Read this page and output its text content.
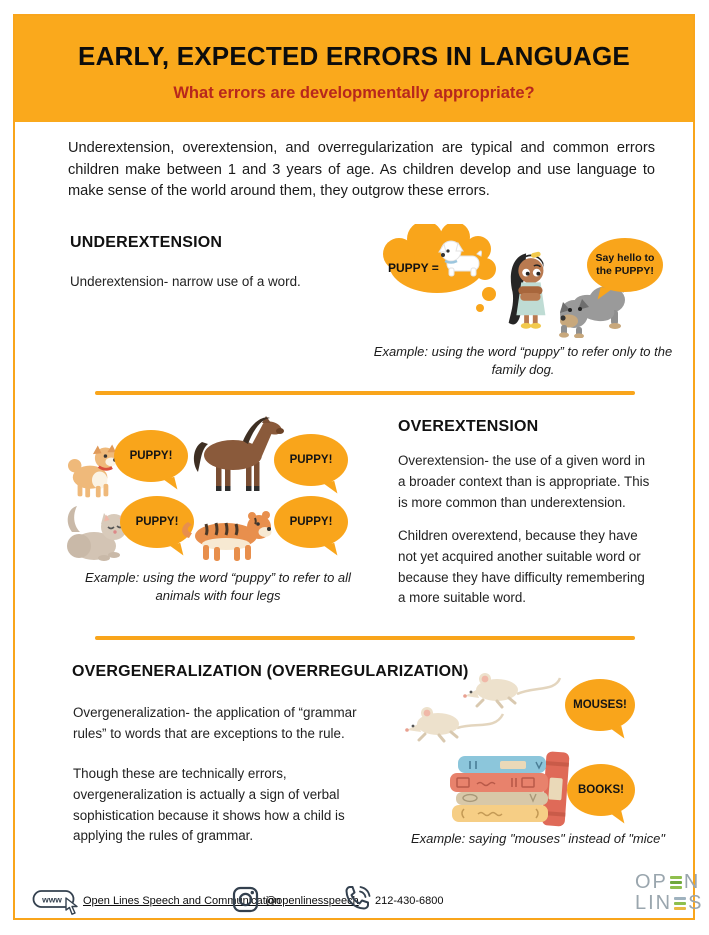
EARLY, EXPECTED ERRORS IN LANGUAGE
What errors are developmentally appropriate?

Underextension, overextension, and overregularization are typical and common errors children make between 1 and 3 years of age. As children develop and use language to make sense of the world around them, they outgrow these errors.

UNDEREXTENSION
Underextension- narrow use of a word.
PUPPY =
Say hello to
the PUPPY!
Example: using the word “puppy” to refer only to the family dog.
PUPPY!	PUPPY!
PUPPY!	PUPPY!
Example: using the word “puppy” to refer to all animals with four legs
OVEREXTENSION
Overextension- the use of a given word in a broader context than is appropriate. This is more common than underextension.
Children overextend, because they have not yet acquired another suitable word or because they have difficulty remembering a more suitable word.
OVERGENERALIZATION (OVERREGULARIZATION)
Overgeneralization- the application of “grammar rules” to words that are exceptions to the rule.
Though these are technically errors, overgeneralization is actually a sign of verbal sophistication because it shows how a child is applying the rules of grammar.
MOUSES!
BOOKS!
Example: saying "mouses" instead of "mice"
www Open Lines Speech and Communication
@openlinesspeech 212-430-6800
OP N
LIN S
